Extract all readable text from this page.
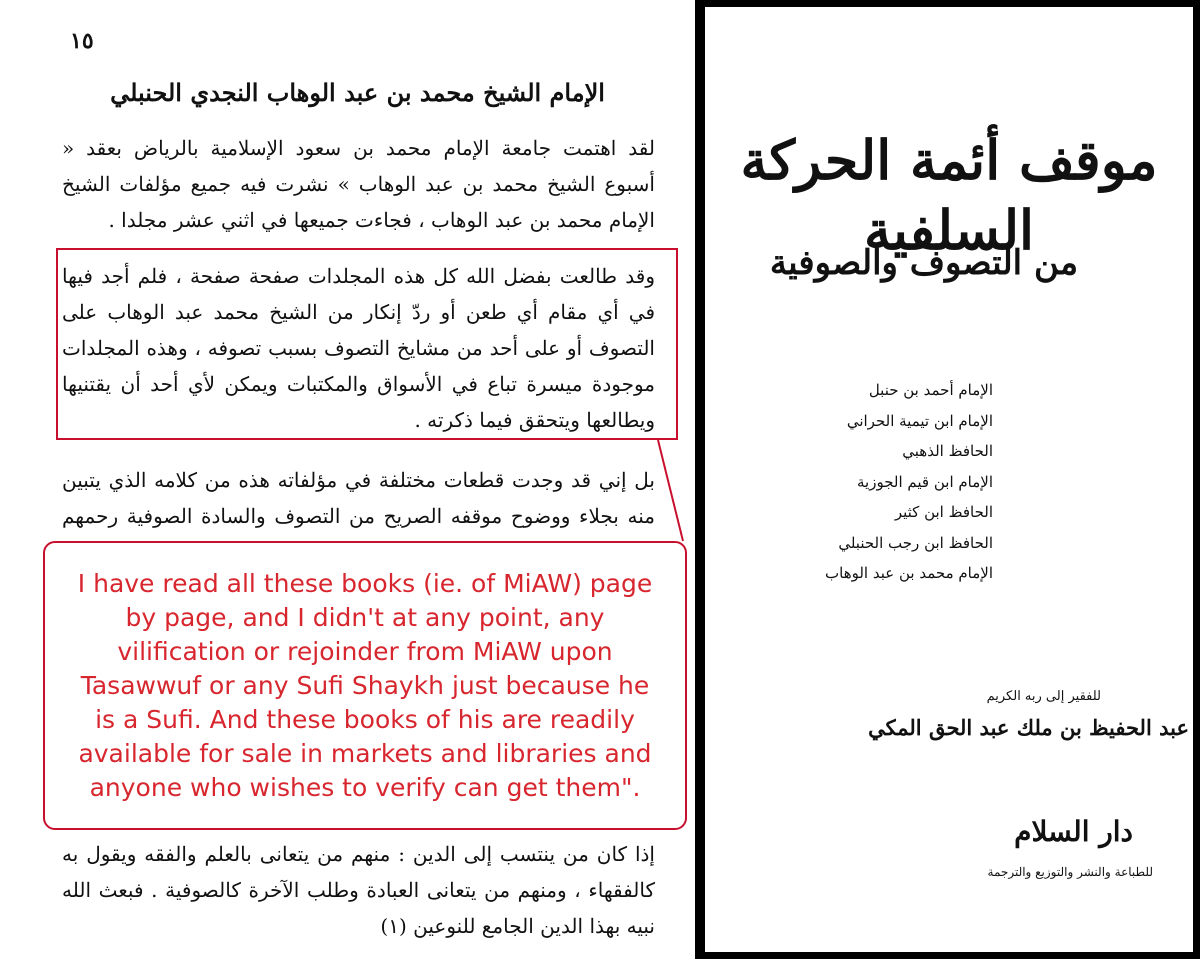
١٥
الإمام الشيخ محمد بن عبد الوهاب النجدي الحنبلي

لقد اهتمت جامعة الإمام محمد بن سعود الإسلامية بالرياض بعقد « أسبوع الشيخ محمد بن عبد الوهاب » نشرت فيه جميع مؤلفات الشيخ الإمام محمد بن عبد الوهاب ، فجاءت جميعها في اثني عشر مجلدا .

وقد طالعت بفضل الله كل هذه المجلدات صفحة صفحة ، فلم أجد فيها في أي مقام أي طعن أو ردّ إنكار من الشيخ محمد عبد الوهاب على التصوف أو على أحد من مشايخ التصوف بسبب تصوفه ، وهذه المجلدات موجودة ميسرة تباع في الأسواق والمكتبات ويمكن لأي أحد أن يقتنيها ويطالعها ويتحقق فيما ذكرته .

بل إني قد وجدت قطعات مختلفة في مؤلفاته هذه من كلامه الذي يتبين منه بجلاء ووضوح موقفه الصريح من التصوف والسادة الصوفية رحمهم

إذا كان من ينتسب إلى الدين : منهم من يتعانى بالعلم والفقه ويقول به كالفقهاء ، ومنهم من يتعانى العبادة وطلب الآخرة كالصوفية . فبعث الله نبيه بهذا الدين الجامع للنوعين (١)

I have read all these books (ie. of MiAW) page by page, and I didn't at any point, any vilification or rejoinder from MiAW upon Tasawwuf or any Sufi Shaykh just because he is a Sufi. And these books of his are readily available for sale in markets and libraries and anyone who wishes to verify can get them".

موقف أئمة الحركة السلفية
من التصوف والصوفية
الإمام أحمد بن حنبل
الإمام ابن تيمية الحراني
الحافظ الذهبي
الإمام ابن قيم الجوزية
الحافظ ابن كثير
الحافظ ابن رجب الحنبلي
الإمام محمد بن عبد الوهاب
للفقير إلى ربه الكريم
عبد الحفيظ بن ملك عبد الحق المكي
دار السلام
للطباعة والنشر والتوزيع والترجمة
